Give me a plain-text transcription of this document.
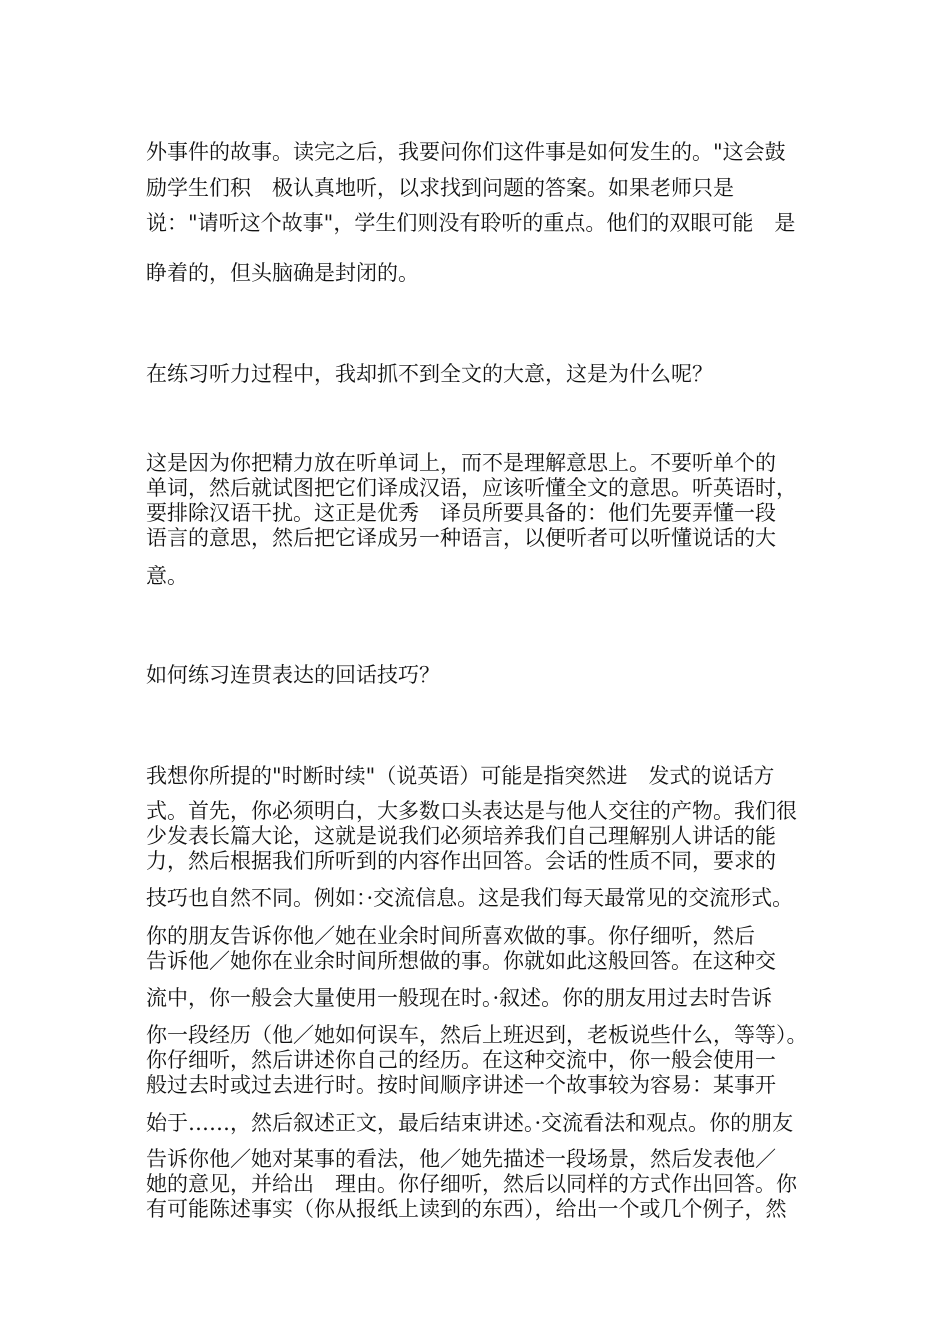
外事件的故事。读完之后，我要问你们这件事是如何发生的。"这会鼓
励学生们积　极认真地听，以求找到问题的答案。如果老师只是
说："请听这个故事"，学生们则没有聆听的重点。他们的双眼可能　是
睁着的，但头脑确是封闭的。
在练习听力过程中，我却抓不到全文的大意，这是为什么呢？
这是因为你把精力放在听单词上，而不是理解意思上。不要听单个的
单词，然后就试图把它们译成汉语，应该听懂全文的意思。听英语时，
要排除汉语干扰。这正是优秀　译员所要具备的：他们先要弄懂一段
语言的意思，然后把它译成另一种语言，以便听者可以听懂说话的大
意。
如何练习连贯表达的回话技巧？
我想你所提的"时断时续"（说英语）可能是指突然进　发式的说话方
式。首先，你必须明白，大多数口头表达是与他人交往的产物。我们很
少发表长篇大论，这就是说我们必须培养我们自己理解别人讲话的能
力，然后根据我们所听到的内容作出回答。会话的性质不同，要求的
技巧也自然不同。例如：·交流信息。这是我们每天最常见的交流形式。
你的朋友告诉你他／她在业余时间所喜欢做的事。你仔细听，然后
告诉他／她你在业余时间所想做的事。你就如此这般回答。在这种交
流中，你一般会大量使用一般现在时。·叙述。你的朋友用过去时告诉
你一段经历（他／她如何误车，然后上班迟到，老板说些什么，等等）。
你仔细听，然后讲述你自己的经历。在这种交流中，你一般会使用一
般过去时或过去进行时。按时间顺序讲述一个故事较为容易：某事开
始于……，然后叙述正文，最后结束讲述。·交流看法和观点。你的朋友
告诉你他／她对某事的看法，他／她先描述一段场景，然后发表他／
她的意见，并给出　理由。你仔细听，然后以同样的方式作出回答。你
有可能陈述事实（你从报纸上读到的东西），给出一个或几个例子，然
